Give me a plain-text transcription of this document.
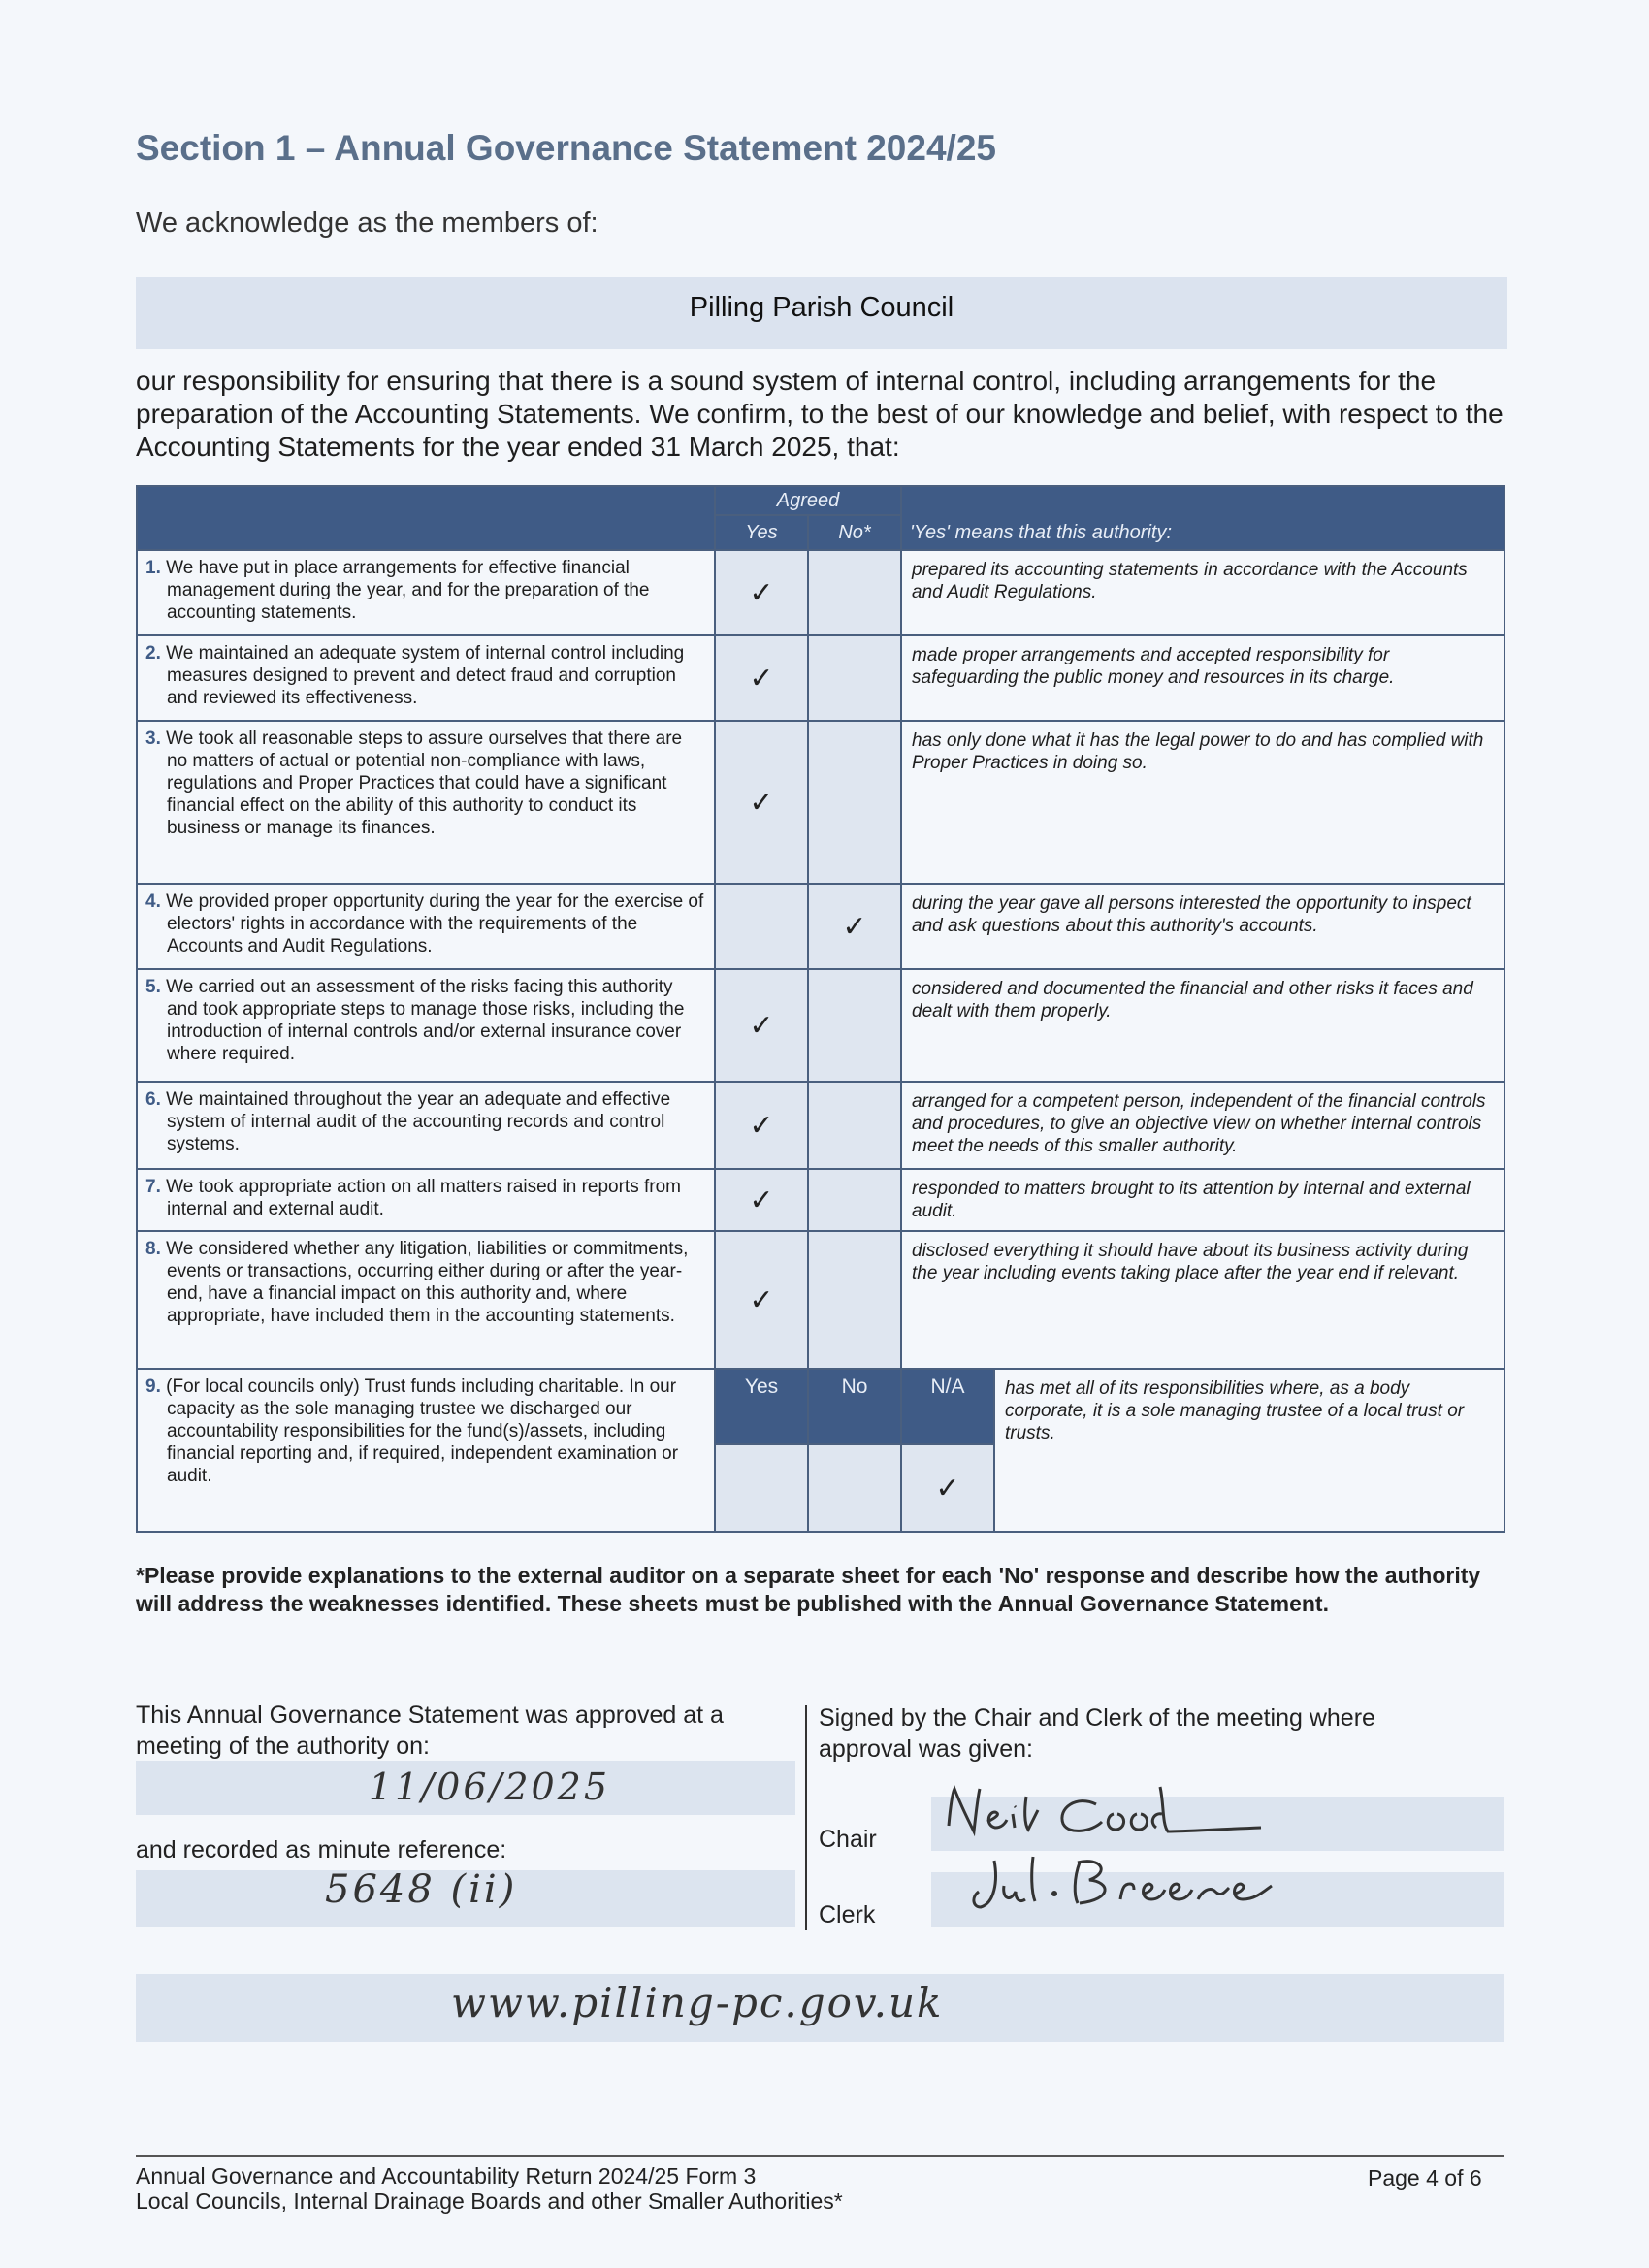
Section 1 – Annual Governance Statement 2024/25
We acknowledge as the members of:
Pilling Parish Council
our responsibility for ensuring that there is a sound system of internal control, including arrangements for the preparation of the Accounting Statements. We confirm, to the best of our knowledge and belief, with respect to the Accounting Statements for the year ended 31 March 2025, that:
	Agreed		'Yes' means that this authority:	
	Yes	No*		

1. We have put in place arrangements for effective financial management during the year, and for the preparation of the accounting statements.	✓		prepared its accounting statements in accordance with the Accounts and Audit Regulations.	

2. We maintained an adequate system of internal control including measures designed to prevent and detect fraud and corruption and reviewed its effectiveness.	✓		made proper arrangements and accepted responsibility for safeguarding the public money and resources in its charge.	

3. We took all reasonable steps to assure ourselves that there are no matters of actual or potential non-compliance with laws, regulations and Proper Practices that could have a significant financial effect on the ability of this authority to conduct its business or manage its finances.	✓		has only done what it has the legal power to do and has complied with Proper Practices in doing so.	

4. We provided proper opportunity during the year for the exercise of electors' rights in accordance with the requirements of the Accounts and Audit Regulations.		✓	during the year gave all persons interested the opportunity to inspect and ask questions about this authority's accounts.	

5. We carried out an assessment of the risks facing this authority and took appropriate steps to manage those risks, including the introduction of internal controls and/or external insurance cover where required.	✓		considered and documented the financial and other risks it faces and dealt with them properly.	

6. We maintained throughout the year an adequate and effective system of internal audit of the accounting records and control systems.	✓		arranged for a competent person, independent of the financial controls and procedures, to give an objective view on whether internal controls meet the needs of this smaller authority.	

7. We took appropriate action on all matters raised in reports from internal and external audit.	✓		responded to matters brought to its attention by internal and external audit.	

8. We considered whether any litigation, liabilities or commitments, events or transactions, occurring either during or after the year-end, have a financial impact on this authority and, where appropriate, have included them in the accounting statements.	✓		disclosed everything it should have about its business activity during the year including events taking place after the year end if relevant.	

9. (For local councils only) Trust funds including charitable. In our capacity as the sole managing trustee we discharged our accountability responsibilities for the fund(s)/assets, including financial reporting and, if required, independent examination or audit.	Yes	No	N/A	has met all of its responsibilities where, as a body corporate, it is a sole managing trustee of a local trust or trusts.
			✓	
*Please provide explanations to the external auditor on a separate sheet for each 'No' response and describe how the authority will address the weaknesses identified. These sheets must be published with the Annual Governance Statement.
This Annual Governance Statement was approved at a meeting of the authority on:
11/06/2025
and recorded as minute reference:
5648 (ii)
Signed by the Chair and Clerk of the meeting where approval was given:
Chair
Clerk
www.pilling-pc.gov.uk
Annual Governance and Accountability Return 2024/25 Form 3
Local Councils, Internal Drainage Boards and other Smaller Authorities*
Page 4 of 6
